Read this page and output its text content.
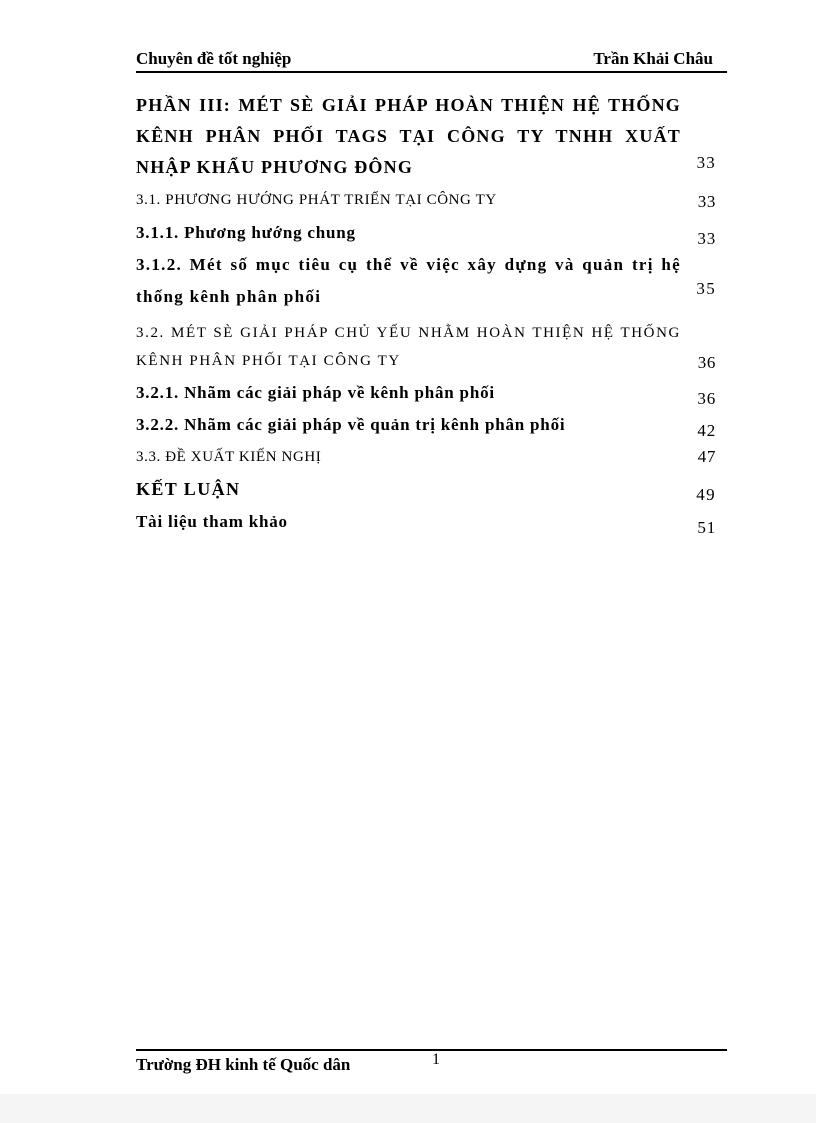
Chuyên đề tốt nghiệp	Trần Khải Châu
PHẦN III: MÉT SÈ GIẢI PHÁP HOÀN THIỆN HỆ THỐNG KÊNH PHÂN PHỐI TAGS TẠI CÔNG TY TNHH XUẤT NHẬP KHẨU PHƯƠNG ĐÔNG	33
3.1. PHƯƠNG HƯỚNG PHÁT TRIỂN TẠI CÔNG TY	33
3.1.1. Phương hướng chung	33
3.1.2. Mét số mục tiêu cụ thể về việc xây dựng và quản trị hệ thống kênh phân phối	35
3.2. MÉT SÈ GIẢI PHÁP CHỦ YẾU NHẰM HOÀN THIỆN HỆ THỐNG KÊNH PHÂN PHỐI TẠI CÔNG TY	36
3.2.1. Nhãm các giải pháp về kênh phân phối	36
3.2.2. Nhãm các giải pháp về quản trị kênh phân phối	42
3.3. ĐỀ XUẤT KIẾN NGHỊ	47
KẾT LUẬN	49
Tài liệu tham khảo	51
Trường ĐH kinh tế Quốc dân	1
